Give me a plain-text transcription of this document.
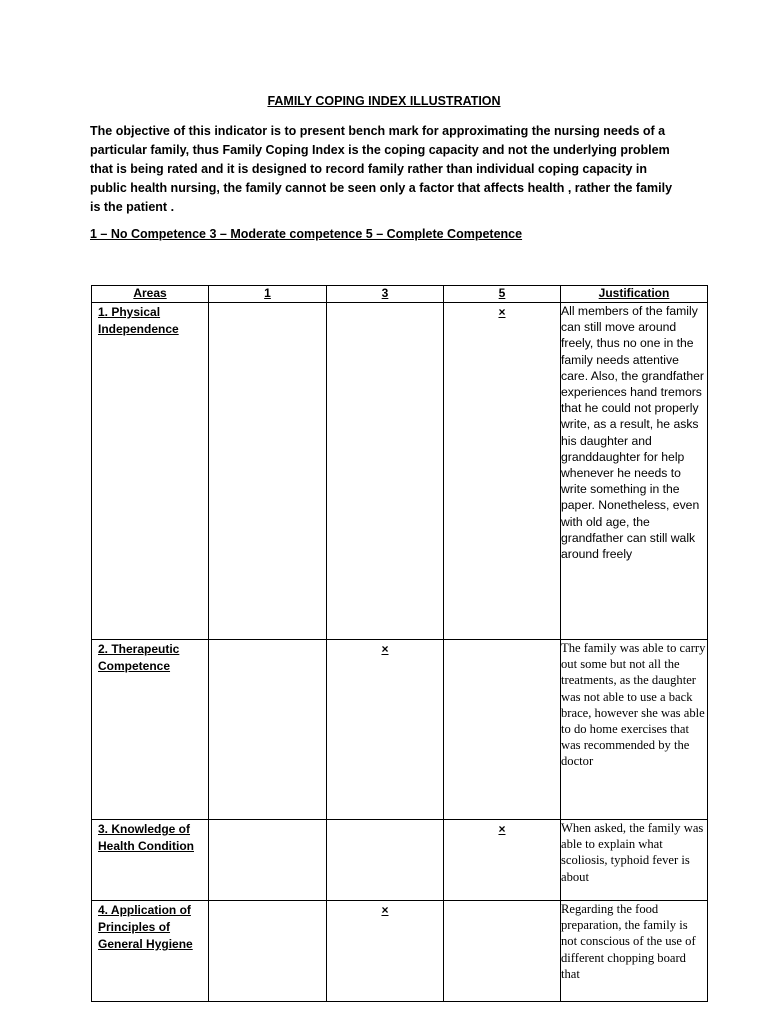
FAMILY COPING INDEX ILLUSTRATION
The objective of this indicator is to present bench mark for approximating the nursing needs of a particular family, thus Family Coping Index is the coping capacity and not the underlying problem that is being rated and it is designed to record family rather than individual coping capacity in public health nursing, the family cannot be seen only a factor that affects health , rather the family is the patient .
1 – No Competence 3 – Moderate competence 5 – Complete Competence
Areas	1	3	5	Justification
1. Physical Independence			×	All members of the family can still move around freely, thus no one in the family needs attentive care. Also, the grandfather experiences hand tremors that he could not properly write, as a result, he asks his daughter and granddaughter for help whenever he needs to write something in the paper. Nonetheless, even with old age, the grandfather can still walk around freely
2. Therapeutic Competence		×		The family was able to carry out some but not all the treatments, as the daughter was not able to use a back brace, however she was able to do home exercises that was recommended by the doctor
3. Knowledge of Health Condition			×	When asked, the family was able to explain what scoliosis, typhoid fever is about
4. Application of Principles of General Hygiene		×		Regarding the food preparation, the family is not conscious of the use of different chopping board that
